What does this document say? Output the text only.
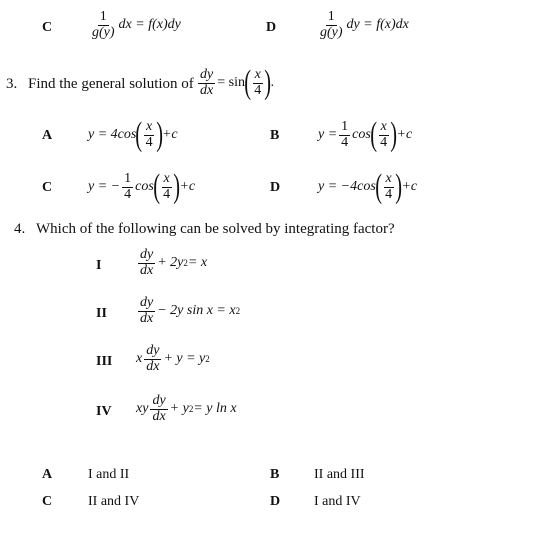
C	$\frac{1}{g(y)}$ dx = f(x)dy	D	$\frac{1}{g(y)}$ dy = f(x)dx
3. Find the general solution of $\frac{dy}{dx} = \sin$ ( $\frac{x}{4}$ ) .
A	y = 4cos ( $\frac{x}{4}$ ) +c	B	$y = \frac{1}{4}$ cos ( $\frac{x}{4}$ ) +c
C	y = − $\frac{1}{4}$ cos ( $\frac{x}{4}$ ) +c	D	y = −4cos ( $\frac{x}{4}$ ) +c
4. Which of the following can be solved by integrating factor?
I	$\frac{dy}{dx} + 2y$ 2 = x
II $\frac{dy}{dx} - 2y$ sin x = x 2
III x $\frac{dy}{dx} + y = y$ 2
IV xy $\frac{dy}{dx} + y$ 2 = y ln x
A	I and II	B II and III
C	II and IV	D I and IV
